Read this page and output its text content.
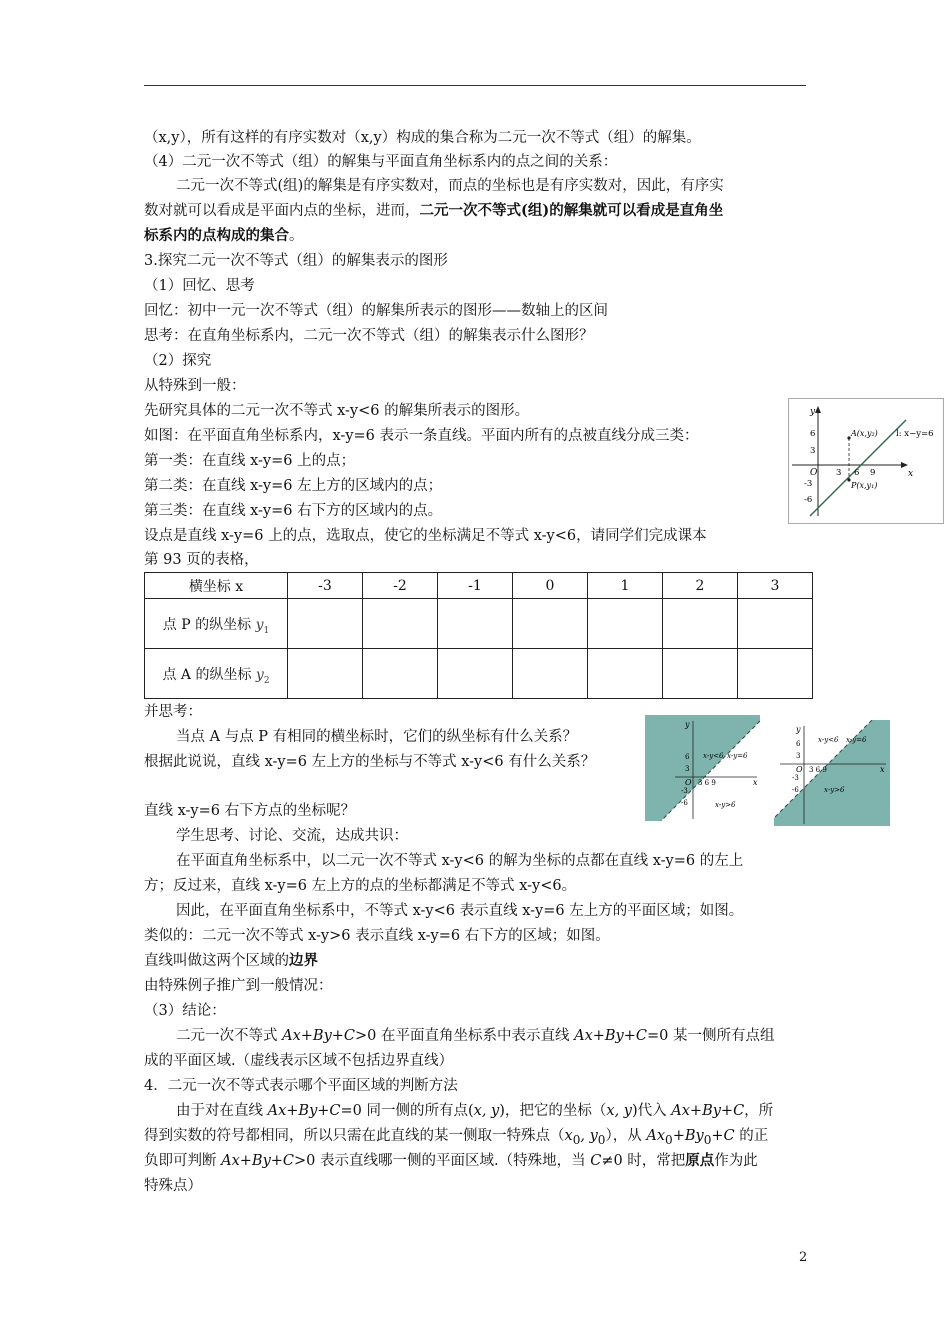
（x,y），所有这样的有序实数对（x,y）构成的集合称为二元一次不等式（组）的解集。
（4）二元一次不等式（组）的解集与平面直角坐标系内的点之间的关系：
二元一次不等式(组)的解集是有序实数对，而点的坐标也是有序实数对，因此，有序实
数对就可以看成是平面内点的坐标，进而，二元一次不等式(组)的解集就可以看成是直角坐
标系内的点构成的集合。
3.探究二元一次不等式（组）的解集表示的图形
（1）回忆、思考
回忆：初中一元一次不等式（组）的解集所表示的图形——数轴上的区间
思考：在直角坐标系内，二元一次不等式（组）的解集表示什么图形？
（2）探究
从特殊到一般：
先研究具体的二元一次不等式 x-y<6 的解集所表示的图形。
如图：在平面直角坐标系内，x-y=6 表示一条直线。平面内所有的点被直线分成三类：
第一类：在直线 x-y=6 上的点；
第二类：在直线 x-y=6 左上方的区域内的点；
第三类：在直线 x-y=6 右下方的区域内的点。
设点是直线 x-y=6 上的点，选取点，使它的坐标满足不等式 x-y<6，请同学们完成课本
第 93 页的表格，
y
x
l: x−y=6
A(x,y₂)
P(x,y₁)
O
6
3
-3
-6
3 6 9
横坐标 x	-3	-2	-1	0	1	2	3
点 P 的纵坐标 $y_1$							
点 A 的纵坐标 $y_2$							
并思考：
当点 A 与点 P 有相同的横坐标时，它们的纵坐标有什么关系？
根据此说说，直线 x-y=6 左上方的坐标与不等式 x-y<6 有什么关系？
y
x
O
x-y<6 x-y=6
x-y>6
6
3
-3
-6
3 6 9
y
x
O
x-y<6 x-y=6
x-y>6
6
3
-3
-6
3 6 9
直线 x-y=6 右下方点的坐标呢？
学生思考、讨论、交流，达成共识：
在平面直角坐标系中，以二元一次不等式 x-y<6 的解为坐标的点都在直线 x-y=6 的左上
方；反过来，直线 x-y=6 左上方的点的坐标都满足不等式 x-y<6。
因此，在平面直角坐标系中，不等式 x-y<6 表示直线 x-y=6 左上方的平面区域；如图。
类似的：二元一次不等式 x-y>6 表示直线 x-y=6 右下方的区域；如图。
直线叫做这两个区域的边界
由特殊例子推广到一般情况：
（3）结论：
二元一次不等式 Ax+By+C>0 在平面直角坐标系中表示直线 Ax+By+C=0 某一侧所有点组
成的平面区域.（虚线表示区域不包括边界直线）
4．二元一次不等式表示哪个平面区域的判断方法
由于对在直线 Ax+By+C=0 同一侧的所有点(x, y)，把它的坐标（x, y)代入 Ax+By+C，所
得到实数的符号都相同，所以只需在此直线的某一侧取一特殊点（$x_0$, $y_0$），从 $Ax_0+By_0+C$ 的正
负即可判断 Ax+By+C>0 表示直线哪一侧的平面区域.（特殊地，当 C≠0 时，常把原点作为此
特殊点）
2
